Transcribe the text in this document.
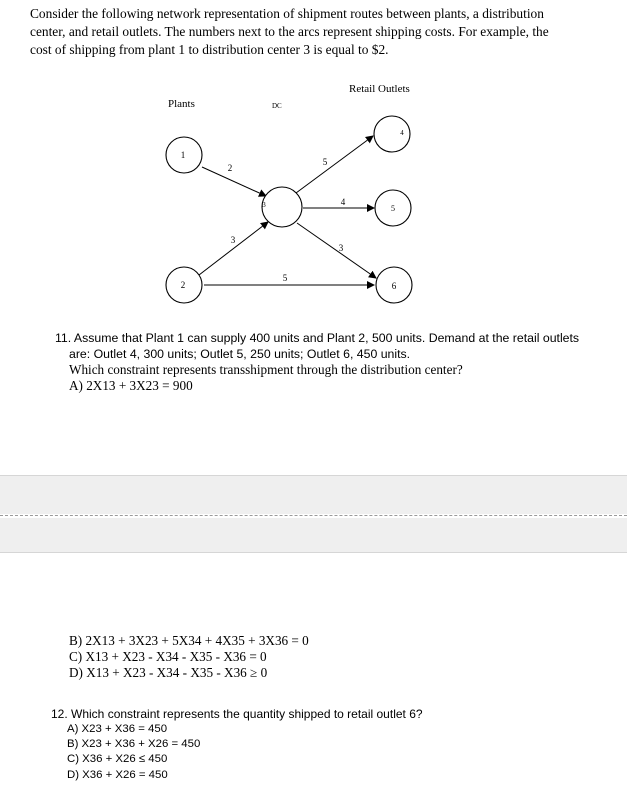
Consider the following network representation of shipment routes between plants, a distribution
center, and retail outlets. The numbers next to the arcs represent shipping costs. For example, the
cost of shipping from plant 1 to distribution center 3 is equal to $2.
Plants	DC
Retail Outlets
1
2
3
4
5
6
2
3
5
5
4
3
11. Assume that Plant 1 can supply 400 units and Plant 2, 500 units. Demand at the retail outlets
are: Outlet 4, 300 units; Outlet 5, 250 units; Outlet 6, 450 units.
Which constraint represents transshipment through the distribution center?
A) 2X13 + 3X23 = 900
B) 2X13 + 3X23 + 5X34 + 4X35 + 3X36 = 0
C) X13 + X23 - X34 - X35 - X36 = 0
D) X13 + X23 - X34 - X35 - X36 ≥ 0
12. Which constraint represents the quantity shipped to retail outlet 6?
A) X23 + X36 = 450
B) X23 + X36 + X26 = 450
C) X36 + X26 ≤ 450
D) X36 + X26 = 450
